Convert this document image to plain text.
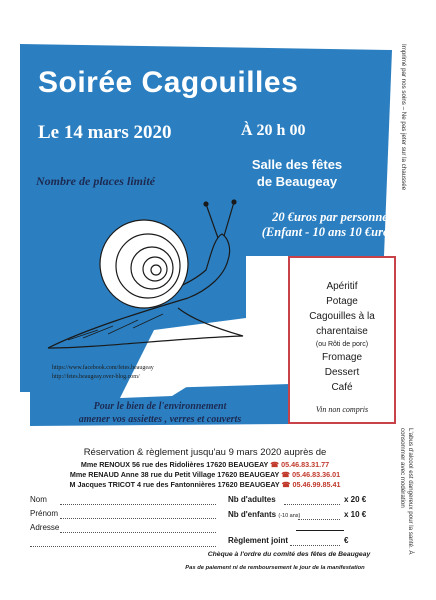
Soirée Cagouilles
Le 14 mars 2020	À 20 h 00
Salle des fêtes
de Beaugeay
Nombre de places limité
20 €uros par personne
(Enfant - 10 ans 10 €uros)
https://www.facebook.com/fetes.beaugeay
http://fetes.beaugeay.over-blog.com/
Apéritif
Potage
Cagouilles à la
charentaise
(ou Rôti de porc)
Fromage
Dessert
Café
Vin non compris
Pour le bien de l'environnement
amener vos assiettes , verres et couverts
Réservation & règlement jusqu'au 9 mars 2020 auprès de
Mme RENOUX 56 rue des Ridolières 17620 BEAUGEAY ☎ 05.46.83.31.77
Mme RENAUD Anne 38 rue du Petit Village 17620 BEAUGEAY ☎ 05.46.83.36.01
M Jacques TRICOT 4 rue des Fantonnières 17620 BEAUGEAY ☎ 05.46.99.85.41
Nom
Prénom
Adresse
Nb d'adultes	x 20 €
Nb d'enfants (-10 ans)	x 10 €
Règlement joint	€
Chèque à l'ordre du comité des fêtes de Beaugeay
Pas de paiement ni de remboursement le jour de la manifestation
Imprimé par nos soins – Ne pas jeter sur la chaussée
L'abus d'alcool est dangereux pour la santé. À consommer avec modération
